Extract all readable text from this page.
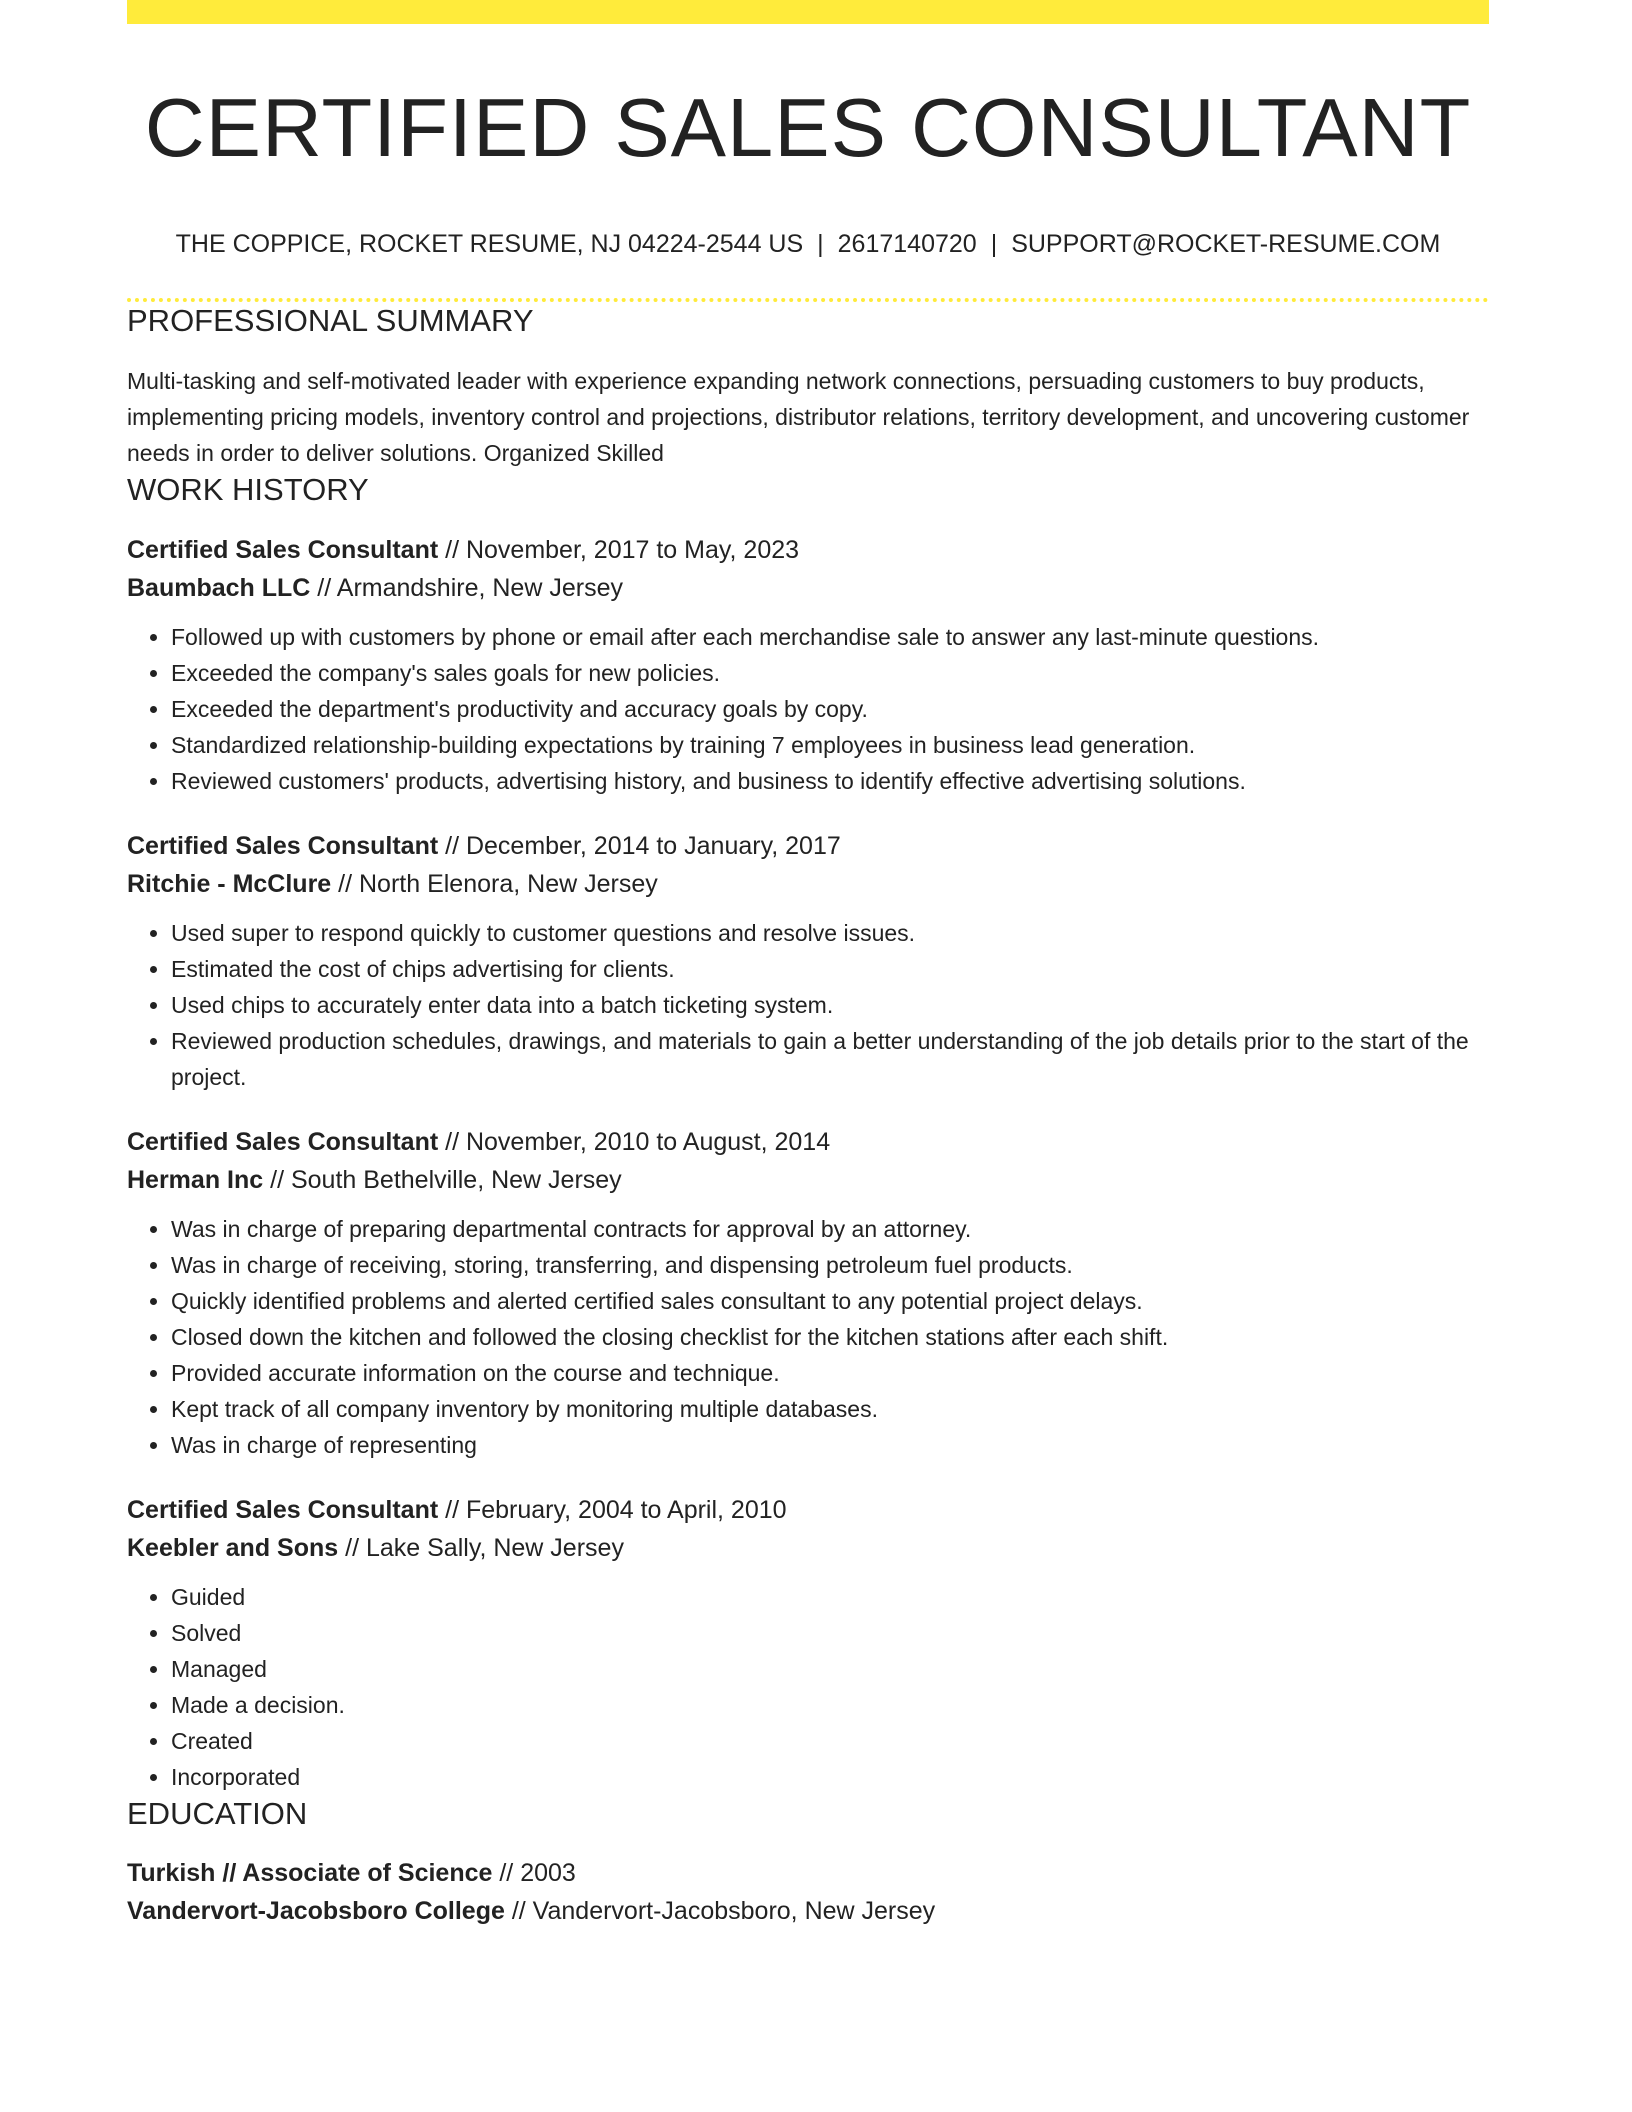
CERTIFIED SALES CONSULTANT
THE COPPICE, ROCKET RESUME, NJ 04224-2544 US | 2617140720 | SUPPORT@ROCKET-RESUME.COM
PROFESSIONAL SUMMARY
Multi-tasking and self-motivated leader with experience expanding network connections, persuading customers to buy products, implementing pricing models, inventory control and projections, distributor relations, territory development, and uncovering customer needs in order to deliver solutions. Organized Skilled
WORK HISTORY
Certified Sales Consultant // November, 2017 to May, 2023
Baumbach LLC // Armandshire, New Jersey
• Followed up with customers by phone or email after each merchandise sale to answer any last-minute questions.
• Exceeded the company's sales goals for new policies.
• Exceeded the department's productivity and accuracy goals by copy.
• Standardized relationship-building expectations by training 7 employees in business lead generation.
• Reviewed customers' products, advertising history, and business to identify effective advertising solutions.
Certified Sales Consultant // December, 2014 to January, 2017
Ritchie - McClure // North Elenora, New Jersey
• Used super to respond quickly to customer questions and resolve issues.
• Estimated the cost of chips advertising for clients.
• Used chips to accurately enter data into a batch ticketing system.
• Reviewed production schedules, drawings, and materials to gain a better understanding of the job details prior to the start of the project.
Certified Sales Consultant // November, 2010 to August, 2014
Herman Inc // South Bethelville, New Jersey
• Was in charge of preparing departmental contracts for approval by an attorney.
• Was in charge of receiving, storing, transferring, and dispensing petroleum fuel products.
• Quickly identified problems and alerted certified sales consultant to any potential project delays.
• Closed down the kitchen and followed the closing checklist for the kitchen stations after each shift.
• Provided accurate information on the course and technique.
• Kept track of all company inventory by monitoring multiple databases.
• Was in charge of representing
Certified Sales Consultant // February, 2004 to April, 2010
Keebler and Sons // Lake Sally, New Jersey
• Guided
• Solved
• Managed
• Made a decision.
• Created
• Incorporated
EDUCATION
Turkish // Associate of Science // 2003
Vandervort-Jacobsboro College // Vandervort-Jacobsboro, New Jersey
